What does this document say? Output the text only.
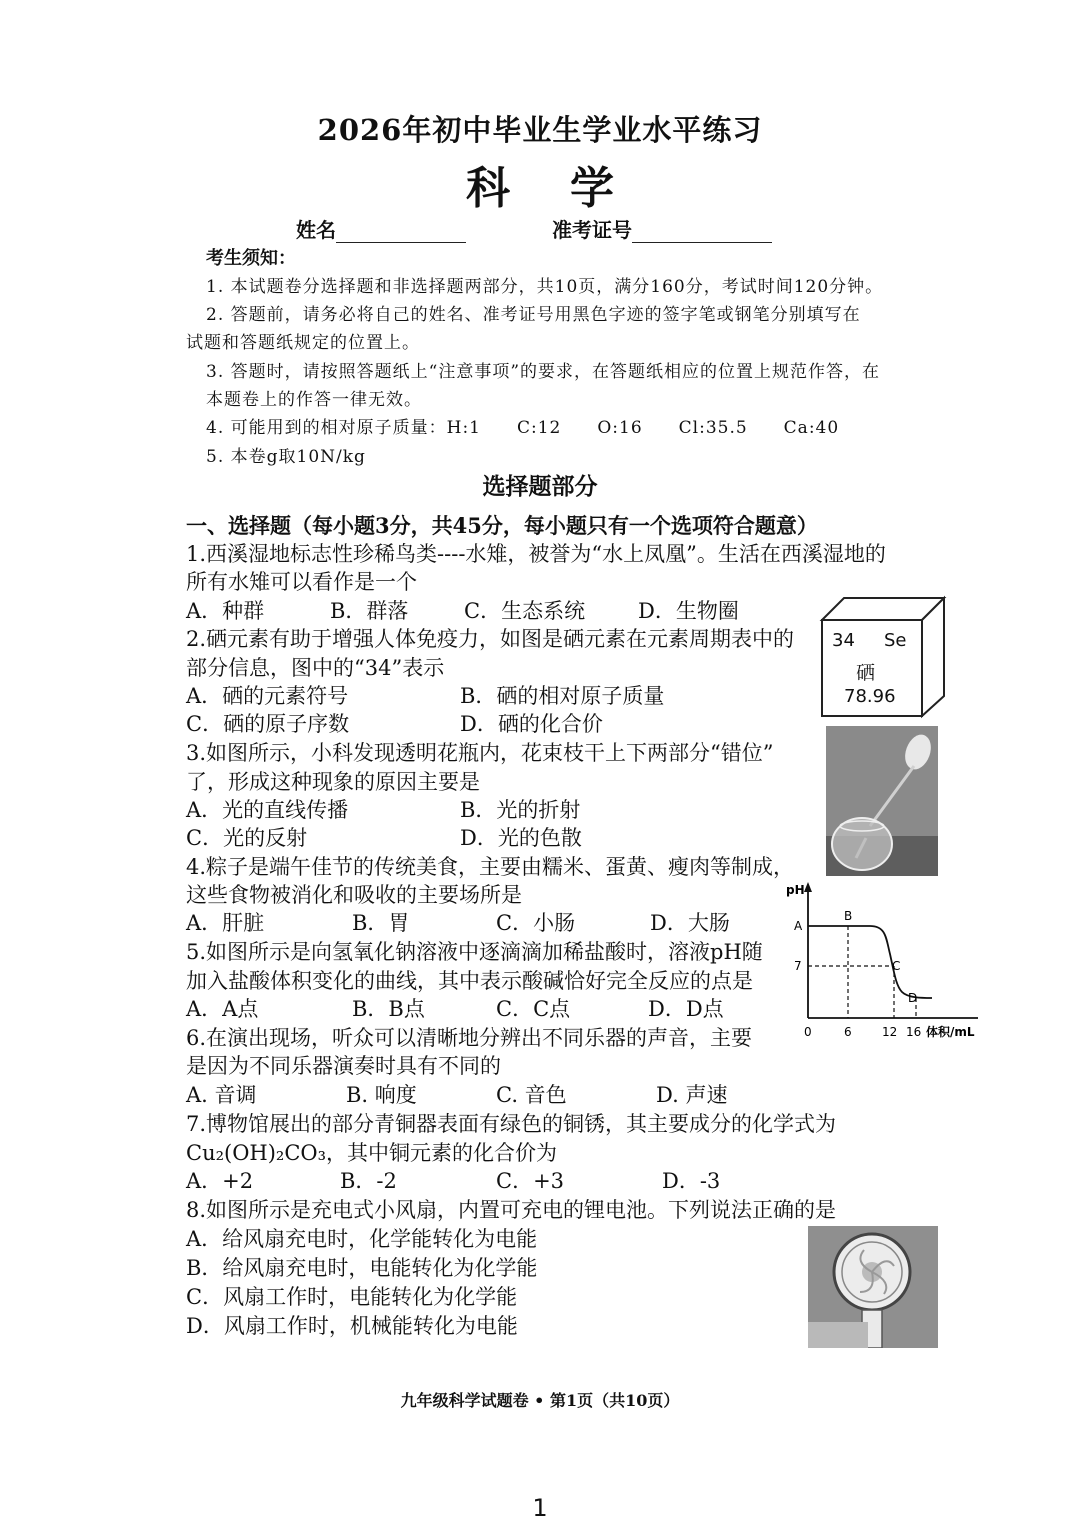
2026年初中毕业生学业水平练习
科学
姓名	准考证号
考生须知：
1. 本试题卷分选择题和非选择题两部分，共10页，满分160分，考试时间120分钟。
2. 答题前，请务必将自己的姓名、准考证号用黑色字迹的签字笔或钢笔分别填写在
试题和答题纸规定的位置上。
3. 答题时，请按照答题纸上“注意事项”的要求，在答题纸相应的位置上规范作答，在
本题卷上的作答一律无效。
4. 可能用到的相对原子质量：H:1　　C:12　　O:16　　Cl:35.5　　Ca:40
5. 本卷g取10N/kg
选择题部分
一、选择题（每小题3分，共45分，每小题只有一个选项符合题意）
1.西溪湿地标志性珍稀鸟类----水雉，被誉为“水上凤凰”。生活在西溪湿地的
所有水雉可以看作是一个
A．种群	B．群落	C．生态系统	D．生物圈
2.硒元素有助于增强人体免疫力，如图是硒元素在元素周期表中的
部分信息，图中的“34”表示
A．硒的元素符号	B．硒的相对原子质量
C．硒的原子序数	D．硒的化合价
34 Se
硒
78.96
3.如图所示，小科发现透明花瓶内，花束枝干上下两部分“错位”
了，形成这种现象的原因主要是
A．光的直线传播	B．光的折射
C．光的反射	D．光的色散
4.粽子是端午佳节的传统美食，主要由糯米、蛋黄、瘦肉等制成，
这些食物被消化和吸收的主要场所是
A．肝脏	B．胃	C．小肠	D．大肠
5.如图所示是向氢氧化钠溶液中逐滴滴加稀盐酸时，溶液pH随
加入盐酸体积变化的曲线，其中表示酸碱恰好完全反应的点是
A．A点	B．B点	C．C点	D．D点
pH
A
B
C
D
7
0	6	12 16 体积/mL
6.在演出现场，听众可以清晰地分辨出不同乐器的声音，主要
是因为不同乐器演奏时具有不同的
A. 音调	B. 响度	C. 音色	D. 声速
7.博物馆展出的部分青铜器表面有绿色的铜锈，其主要成分的化学式为
Cu₂(OH)₂CO₃，其中铜元素的化合价为
A．+2	B．-2	C．+3	D．-3
8.如图所示是充电式小风扇，内置可充电的锂电池。下列说法正确的是
A．给风扇充电时，化学能转化为电能
B．给风扇充电时，电能转化为化学能
C．风扇工作时，电能转化为化学能
D．风扇工作时，机械能转化为电能
九年级科学试题卷 • 第1页（共10页）
1
